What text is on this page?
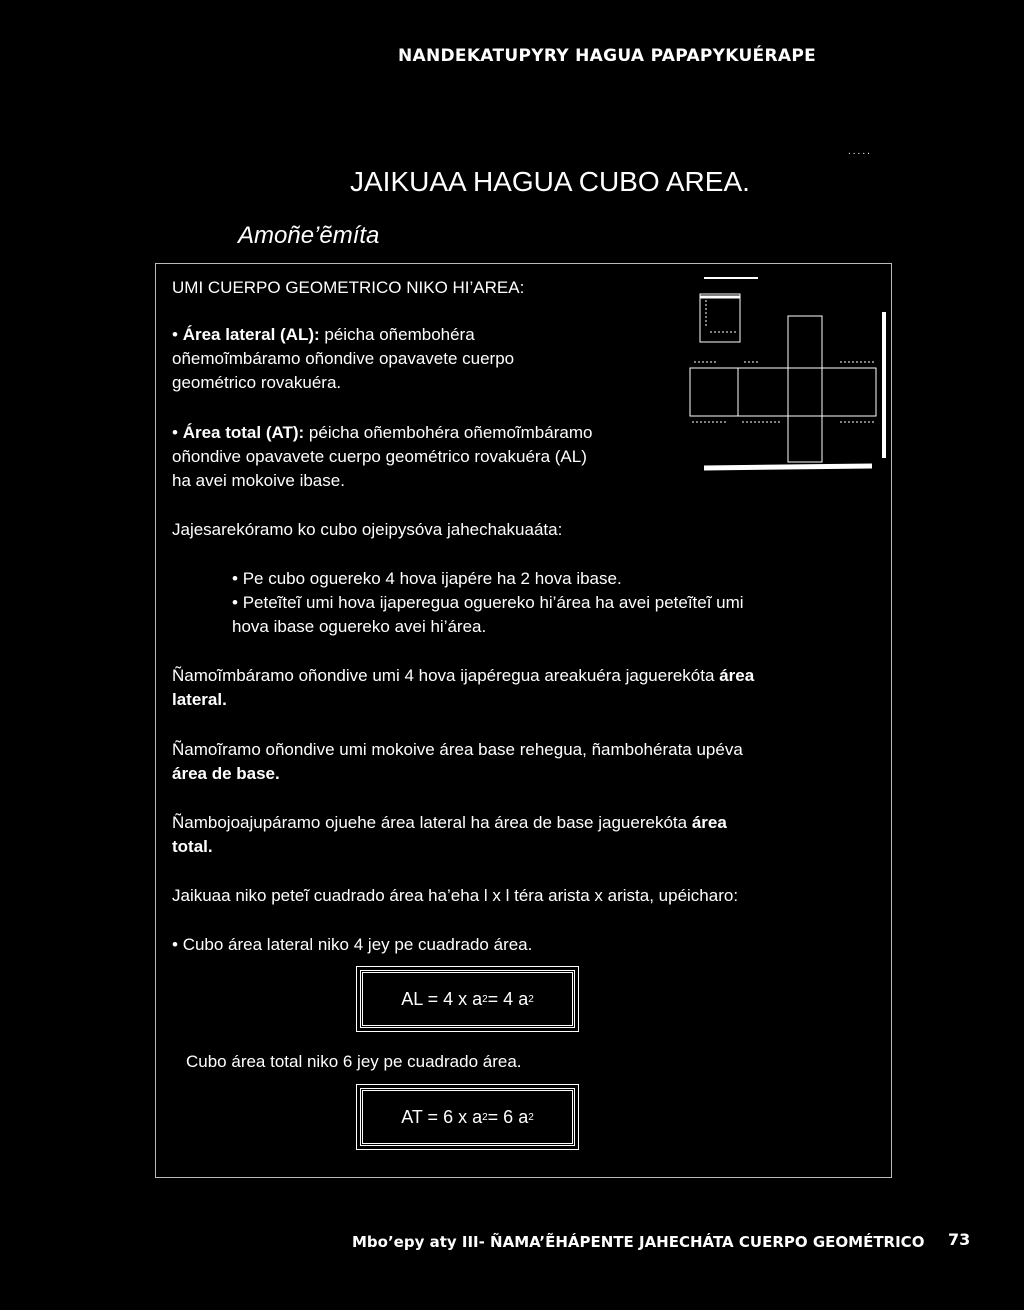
NANDEKATUPYRY HAGUA PAPAPYKUÉRAPE
.....
JAIKUAA HAGUA CUBO AREA.
Amoñe’ẽmíta
UMI CUERPO GEOMETRICO NIKO HI’AREA:
• Área lateral (AL): péicha oñembohéra
oñemoĩmbáramo oñondive opavavete cuerpo
geométrico rovakuéra.
• Área total (AT): péicha oñembohéra oñemoĩmbáramo
oñondive opavavete cuerpo geométrico rovakuéra (AL)
ha avei mokoive ibase.
Jajesarekóramo ko cubo ojeipysóva jahechakuaáta:
• Pe cubo oguereko 4 hova ijapére ha 2 hova ibase.
• Peteĩteĩ umi hova ijaperegua oguereko hi’área ha avei peteĩteĩ umi
hova ibase oguereko avei hi’área.
Ñamoĩmbáramo oñondive umi 4 hova ijapéregua areakuéra jaguerekóta área
lateral.
Ñamoĩramo oñondive umi mokoive área base rehegua, ñambohérata upéva
área de base.
Ñambojoajupáramo ojuehe área lateral ha área de base jaguerekóta área
total.
Jaikuaa niko peteĩ cuadrado área ha’eha l x l téra arista x arista, upéicharo:
• Cubo área lateral niko 4 jey pe cuadrado área.
AL = 4 x a 2 = 4 a 2
Cubo área total niko 6 jey pe cuadrado área.
AT = 6 x a 2 = 6 a 2
Mbo’epy aty III- ÑAMA’ẼHÁPENTE JAHECHÁTA CUERPO GEOMÉTRICO 73
